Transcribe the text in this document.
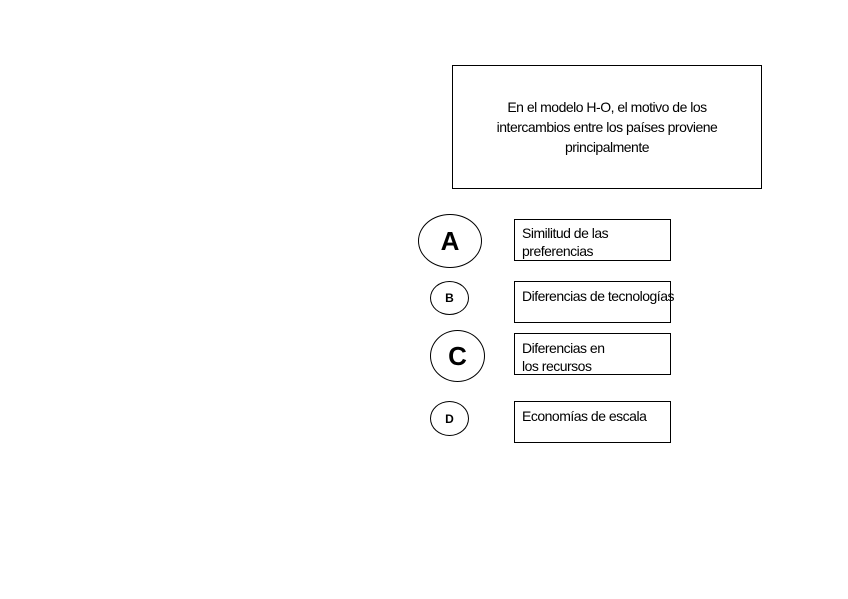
En el modelo H-O, el motivo de los
intercambios entre los países proviene
principalmente
A	Similitud de las
preferencias
B	Diferencias de tecnologías
C	Diferencias en
los recursos
D	Economías de escala
